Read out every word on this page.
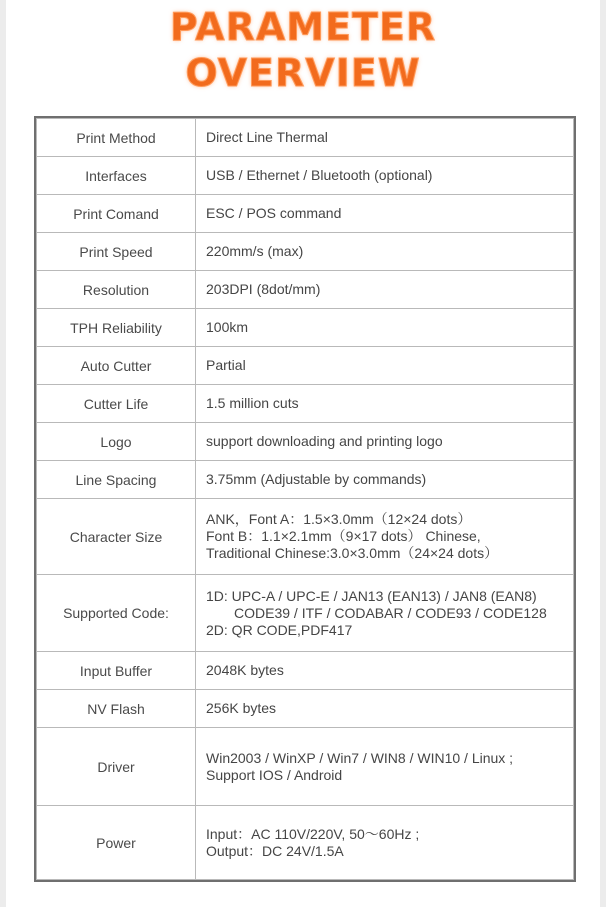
PARAMETER
OVERVIEW
Print Method	Direct Line Thermal

Interfaces	USB / Ethernet / Bluetooth (optional)

Print Comand	ESC / POS command

Print Speed	220mm/s (max)

Resolution	203DPI (8dot/mm)

TPH Reliability	100km

Auto Cutter	Partial

Cutter Life	1.5 million cuts

Logo	support downloading and printing logo

Line Spacing	3.75mm (Adjustable by commands)

Character Size	ANK，Font A：1.5×3.0mm（12×24 dots）
Font B：1.1×2.1mm（9×17 dots） Chinese,
Traditional Chinese:3.0×3.0mm（24×24 dots）

Supported Code:	1D: UPC-A / UPC-E / JAN13 (EAN13) / JAN8 (EAN8)
CODE39 / ITF / CODABAR / CODE93 / CODE128
2D: QR CODE,PDF417

Input Buffer	2048K bytes

NV Flash	256K bytes

Driver	Win2003 / WinXP / Win7 / WIN8 / WIN10 / Linux ;
Support IOS / Android

Power	Input：AC 110V/220V, 50～60Hz ;
Output：DC 24V/1.5A
